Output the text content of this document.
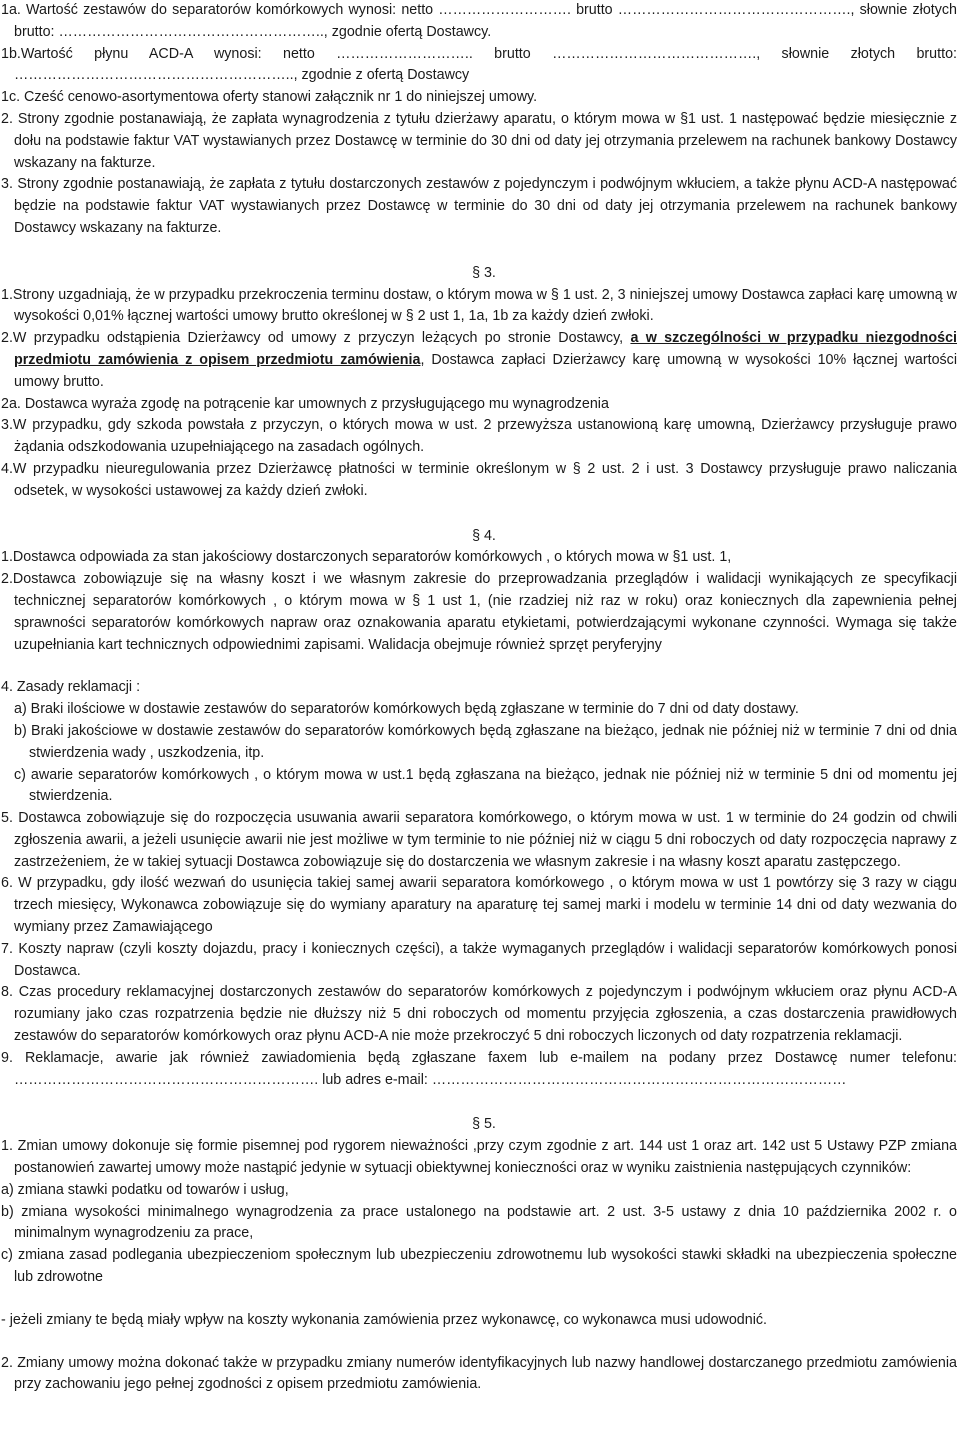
1a. Wartość zestawów do separatorów komórkowych wynosi: netto ………………………. brutto …………………………………………., słownie złotych brutto: ……………………………………………….., zgodnie ofertą Dostawcy.

1b.Wartość płynu ACD-A wynosi: netto ……………………….. brutto ……………………………………., słownie złotych brutto: ………………………………………………….., zgodnie z ofertą Dostawcy

1c. Cześć cenowo-asortymentowa oferty stanowi załącznik nr 1 do niniejszej umowy.

2. Strony zgodnie postanawiają, że zapłata wynagrodzenia z tytułu dzierżawy aparatu, o którym mowa w §1 ust. 1 następować będzie miesięcznie z dołu na podstawie faktur VAT wystawianych przez Dostawcę w terminie do 30 dni od daty jej otrzymania przelewem na rachunek bankowy Dostawcy wskazany na fakturze.

3. Strony zgodnie postanawiają, że zapłata z tytułu dostarczonych zestawów z pojedynczym i podwójnym wkłuciem, a także płynu ACD-A następować będzie na podstawie faktur VAT wystawianych przez Dostawcę w terminie do 30 dni od daty jej otrzymania przelewem na rachunek bankowy Dostawcy wskazany na fakturze.

§ 3.

1.Strony uzgadniają, że w przypadku przekroczenia terminu dostaw, o którym mowa w § 1 ust. 2, 3 niniejszej umowy Dostawca zapłaci karę umowną w wysokości 0,01% łącznej wartości umowy brutto określonej w § 2 ust 1, 1a, 1b za każdy dzień zwłoki.

2.W przypadku odstąpienia Dzierżawcy od umowy z przyczyn leżących po stronie Dostawcy, a w szczególności w przypadku niezgodności przedmiotu zamówienia z opisem przedmiotu zamówienia, Dostawca zapłaci Dzierżawcy karę umowną w wysokości 10% łącznej wartości umowy brutto.

2a. Dostawca wyraża zgodę na potrącenie kar umownych z przysługującego mu wynagrodzenia

3.W przypadku, gdy szkoda powstała z przyczyn, o których mowa w ust. 2 przewyższa ustanowioną karę umowną, Dzierżawcy przysługuje prawo żądania odszkodowania uzupełniającego na zasadach ogólnych.

4.W przypadku nieuregulowania przez Dzierżawcę płatności w terminie określonym w § 2 ust. 2 i ust. 3 Dostawcy przysługuje prawo naliczania odsetek, w wysokości ustawowej za każdy dzień zwłoki.

§ 4.

1.Dostawca odpowiada za stan jakościowy dostarczonych separatorów komórkowych , o których mowa w §1 ust. 1,

2.Dostawca zobowiązuje się na własny koszt i we własnym zakresie do przeprowadzania przeglądów i walidacji wynikających ze specyfikacji technicznej separatorów komórkowych , o którym mowa w § 1 ust 1, (nie rzadziej niż raz w roku) oraz koniecznych dla zapewnienia pełnej sprawności separatorów komórkowych napraw oraz oznakowania aparatu etykietami, potwierdzającymi wykonane czynności. Wymaga się także uzupełniania kart technicznych odpowiednimi zapisami. Walidacja obejmuje również sprzęt peryferyjny

4. Zasady reklamacji :

a) Braki ilościowe w dostawie zestawów do separatorów komórkowych będą zgłaszane w terminie do 7 dni od daty dostawy.

b) Braki jakościowe w dostawie zestawów do separatorów komórkowych będą zgłaszane na bieżąco, jednak nie później niż w terminie 7 dni od dnia stwierdzenia wady , uszkodzenia, itp.

c) awarie separatorów komórkowych , o którym mowa w ust.1 będą zgłaszana na bieżąco, jednak nie później niż w terminie 5 dni od momentu jej stwierdzenia.

5. Dostawca zobowiązuje się do rozpoczęcia usuwania awarii separatora komórkowego, o którym mowa w ust. 1 w terminie do 24 godzin od chwili zgłoszenia awarii, a jeżeli usunięcie awarii nie jest możliwe w tym terminie to nie później niż w ciągu 5 dni roboczych od daty rozpoczęcia naprawy z zastrzeżeniem, że w takiej sytuacji Dostawca zobowiązuje się do dostarczenia we własnym zakresie i na własny koszt aparatu zastępczego.

6. W przypadku, gdy ilość wezwań do usunięcia takiej samej awarii separatora komórkowego , o którym mowa w ust 1 powtórzy się 3 razy w ciągu trzech miesięcy, Wykonawca zobowiązuje się do wymiany aparatury na aparaturę tej samej marki i modelu w terminie 14 dni od daty wezwania do wymiany przez Zamawiającego

7. Koszty napraw (czyli koszty dojazdu, pracy i koniecznych części), a także wymaganych przeglądów i walidacji separatorów komórkowych ponosi Dostawca.

8. Czas procedury reklamacyjnej dostarczonych zestawów do separatorów komórkowych z pojedynczym i podwójnym wkłuciem oraz płynu ACD-A rozumiany jako czas rozpatrzenia będzie nie dłuższy niż 5 dni roboczych od momentu przyjęcia zgłoszenia, a czas dostarczenia prawidłowych zestawów do separatorów komórkowych oraz płynu ACD-A nie może przekroczyć 5 dni roboczych liczonych od daty rozpatrzenia reklamacji.

9. Reklamacje, awarie jak również zawiadomienia będą zgłaszane faxem lub e-mailem na podany przez Dostawcę numer telefonu: ………………………………………………………. lub adres e-mail: ……………………………………………………………………………

§ 5.

1. Zmian umowy dokonuje się formie pisemnej pod rygorem nieważności ,przy czym zgodnie z art. 144 ust 1 oraz art. 142 ust 5 Ustawy PZP zmiana postanowień zawartej umowy może nastąpić jedynie w sytuacji obiektywnej konieczności oraz w wyniku zaistnienia następujących czynników:

a) zmiana stawki podatku od towarów i usług,

b) zmiana wysokości minimalnego wynagrodzenia za prace ustalonego na podstawie art. 2 ust. 3-5 ustawy z dnia 10 października 2002 r. o minimalnym wynagrodzeniu za prace,

c) zmiana zasad podlegania ubezpieczeniom społecznym lub ubezpieczeniu zdrowotnemu lub wysokości stawki składki na ubezpieczenia społeczne lub zdrowotne

- jeżeli zmiany te będą miały wpływ na koszty wykonania zamówienia przez wykonawcę, co wykonawca musi udowodnić.

2. Zmiany umowy można dokonać także w przypadku zmiany numerów identyfikacyjnych lub nazwy handlowej dostarczanego przedmiotu zamówienia przy zachowaniu jego pełnej zgodności z opisem przedmiotu zamówienia.
